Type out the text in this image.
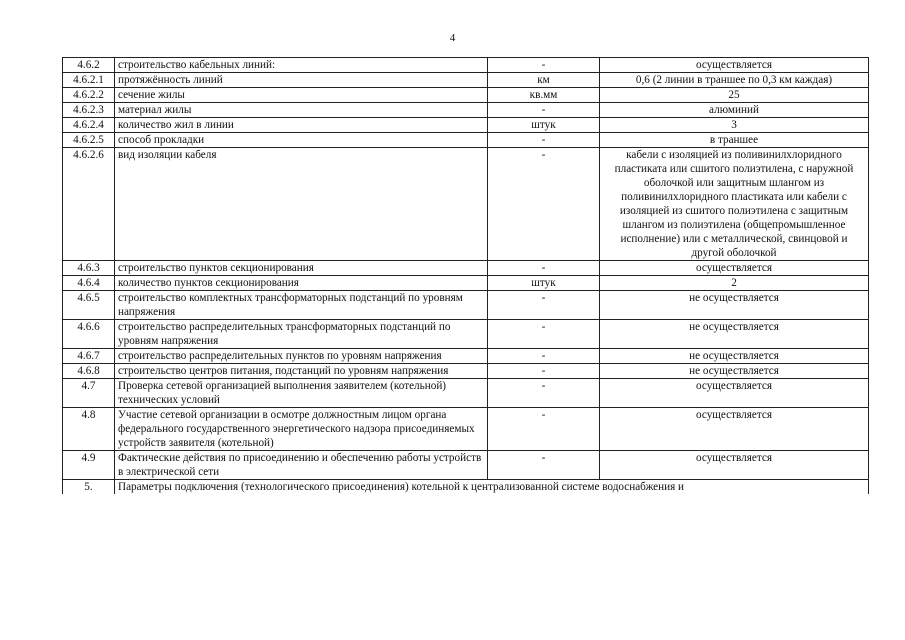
4
4.6.2	строительство кабельных линий:	-	осуществляется
4.6.2.1	протяжённость линий	км	0,6 (2 линии в траншее по 0,3 км каждая)
4.6.2.2	сечение жилы	кв.мм	25
4.6.2.3	материал жилы	-	алюминий
4.6.2.4	количество жил в линии	штук	3
4.6.2.5	способ прокладки	-	в траншее
4.6.2.6	вид изоляции кабеля	-	кабели с изоляцией из поливинилхлоридного пластиката или сшитого полиэтилена, с наружной оболочкой или защитным шлангом из поливинилхлоридного пластиката или кабели с изоляцией из сшитого полиэтилена с защитным шлангом из полиэтилена (общепромышленное исполнение) или с металлической, свинцовой и другой оболочкой
4.6.3	строительство пунктов секционирования	-	осуществляется
4.6.4	количество пунктов секционирования	штук	2
4.6.5	строительство комплектных трансформаторных подстанций по уровням напряжения	-	не осуществляется
4.6.6	строительство распределительных трансформаторных подстанций по уровням напряжения	-	не осуществляется
4.6.7	строительство распределительных пунктов по уровням напряжения	-	не осуществляется
4.6.8	строительство центров питания, подстанций по уровням напряжения	-	не осуществляется
4.7	Проверка сетевой организацией выполнения заявителем (котельной) технических условий	-	осуществляется
4.8	Участие сетевой организации в осмотре должностным лицом органа федерального государственного энергетического надзора присоединяемых устройств заявителя (котельной)	-	осуществляется
4.9	Фактические действия по присоединению и обеспечению работы устройств в электрической сети	-	осуществляется
5.	Параметры подключения (технологического присоединения) котельной к централизованной системе водоснабжения и		
